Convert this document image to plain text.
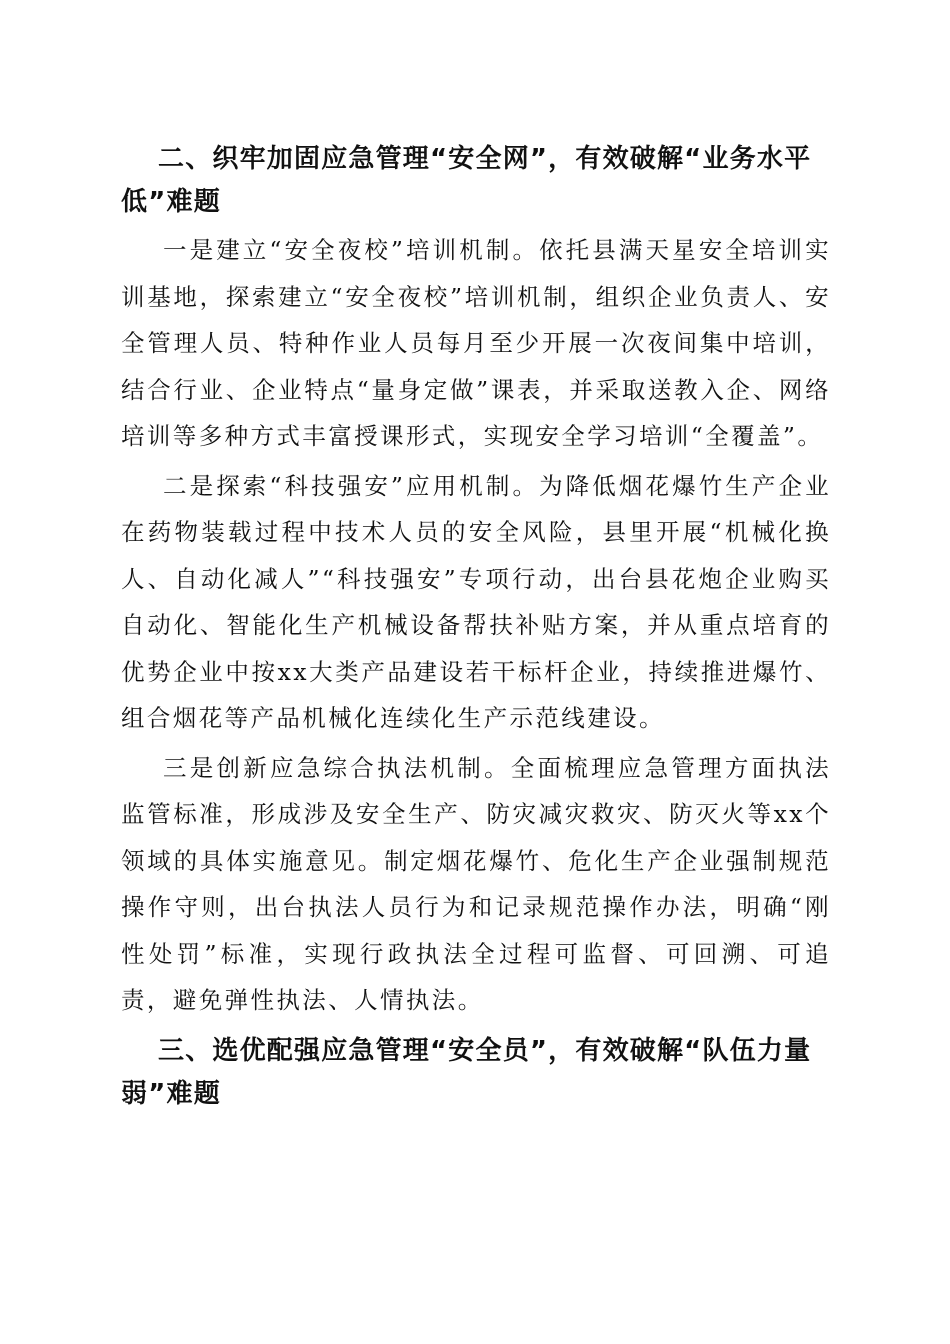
二、织牢加固应急管理“安全网”，有效破解“业务水平低”难题

一是建立“安全夜校”培训机制。依托县满天星安全培训实训基地，探索建立“安全夜校”培训机制，组织企业负责人、安全管理人员、特种作业人员每月至少开展一次夜间集中培训，结合行业、企业特点“量身定做”课表，并采取送教入企、网络培训等多种方式丰富授课形式，实现安全学习培训“全覆盖”。

二是探索“科技强安”应用机制。为降低烟花爆竹生产企业在药物装载过程中技术人员的安全风险，县里开展“机械化换人、自动化减人”“科技强安”专项行动，出台县花炮企业购买自动化、智能化生产机械设备帮扶补贴方案，并从重点培育的优势企业中按xx大类产品建设若干标杆企业，持续推进爆竹、组合烟花等产品机械化连续化生产示范线建设。

三是创新应急综合执法机制。全面梳理应急管理方面执法监管标准，形成涉及安全生产、防灾减灾救灾、防灭火等xx个领域的具体实施意见。制定烟花爆竹、危化生产企业强制规范操作守则，出台执法人员行为和记录规范操作办法，明确“刚性处罚”标准，实现行政执法全过程可监督、可回溯、可追责，避免弹性执法、人情执法。

三、选优配强应急管理“安全员”，有效破解“队伍力量弱”难题
